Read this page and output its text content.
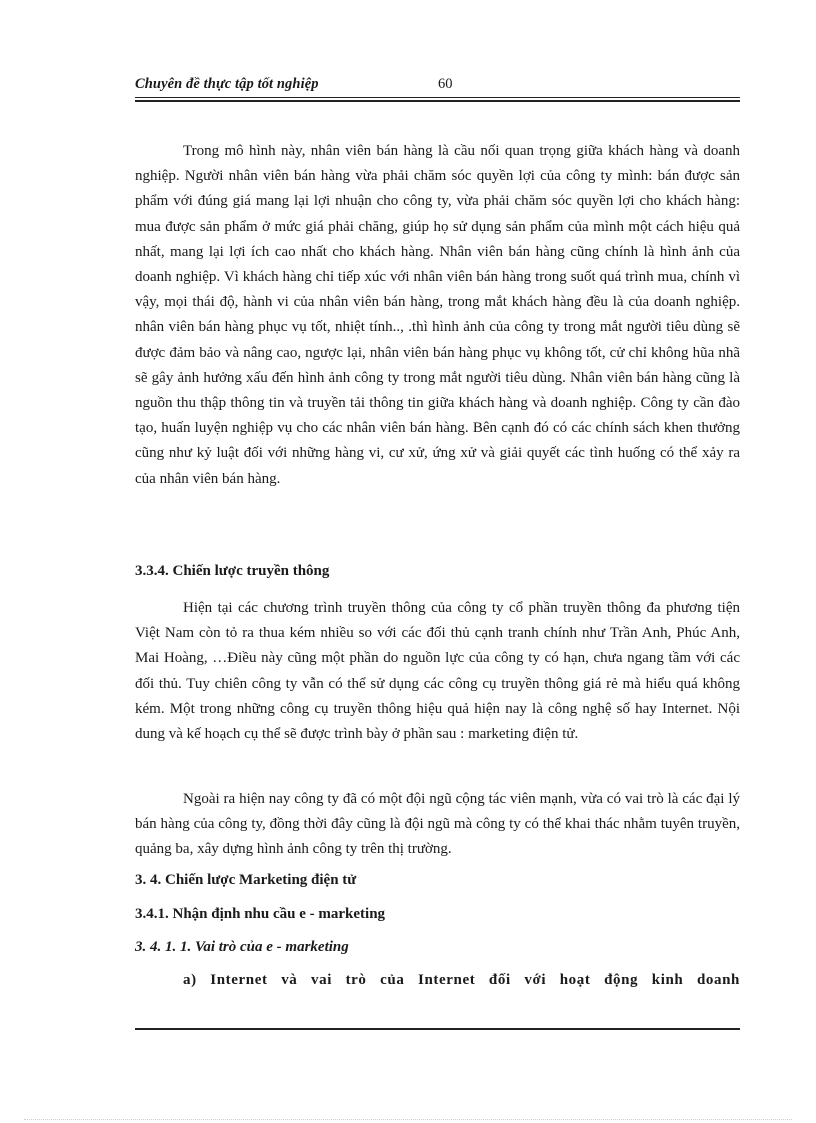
Chuyên đề thực tập tốt nghiệp	60

Trong mô hình này, nhân viên bán hàng là cầu nối quan trọng giữa khách hàng và doanh nghiệp. Người nhân viên bán hàng vừa phải chăm sóc quyền lợi của công ty mình: bán được sản phẩm với đúng giá mang lại lợi nhuận cho công ty, vừa phải chăm sóc quyền lợi cho khách hàng: mua được sản phẩm ở mức giá phải chăng, giúp họ sử dụng sản phẩm của mình một cách hiệu quả nhất, mang lại lợi ích cao nhất cho khách hàng. Nhân viên bán hàng cũng chính là hình ảnh của doanh nghiệp. Vì khách hàng chỉ tiếp xúc với nhân viên bán hàng trong suốt quá trình mua, chính vì vậy, mọi thái độ, hành vi của nhân viên bán hàng, trong mắt khách hàng đều là của doanh nghiệp. nhân viên bán hàng phục vụ tốt, nhiệt tính.., .thì hình ảnh của công ty trong mắt người tiêu dùng sẽ được đảm bảo và nâng cao, ngược lại, nhân viên bán hàng phục vụ không tốt, cử chỉ không hũa nhã sẽ gây ảnh hưởng xấu đến hình ảnh công ty trong mắt người tiêu dùng. Nhân viên bán hàng cũng là nguồn thu thập thông tin và truyền tải thông tin giữa khách hàng và doanh nghiệp. Công ty cần đào tạo, huấn luyện nghiệp vụ cho các nhân viên bán hàng. Bên cạnh đó có các chính sách khen thưởng cũng như kỷ luật đối với những hàng vi, cư xử, ứng xử và giải quyết các tình huống có thể xảy ra của nhân viên bán hàng.

3.3.4. Chiến lược truyền thông

Hiện tại các chương trình truyền thông của công ty cổ phần truyền thông đa phương tiện Việt Nam còn tỏ ra thua kém nhiều so với các đối thủ cạnh tranh chính như Trần Anh, Phúc Anh, Mai Hoàng, …Điều này cũng một phần do nguồn lực của công ty có hạn, chưa ngang tầm với các đối thủ. Tuy chiên công ty vẫn có thể sử dụng các công cụ truyền thông giá rẻ mà hiểu quá không kém. Một trong những công cụ truyền thông hiệu quả hiện nay là công nghệ số hay Internet. Nội dung và kế hoạch cụ thể sẽ được trình bày ở phần sau : marketing điện tử.

Ngoài ra hiện nay công ty đã có một đội ngũ cộng tác viên mạnh, vừa có vai trò là các đại lý bán hàng của công ty, đồng thời đây cũng là đội ngũ mà công ty có thể khai thác nhằm tuyên truyền, quảng ba, xây dựng hình ảnh công ty trên thị trường.

3. 4. Chiến lược Marketing điện tử
3.4.1. Nhận định nhu cầu e - marketing
3. 4. 1. 1. Vai trò của e - marketing
a) Internet và vai trò của Internet đối với hoạt động kinh doanh
